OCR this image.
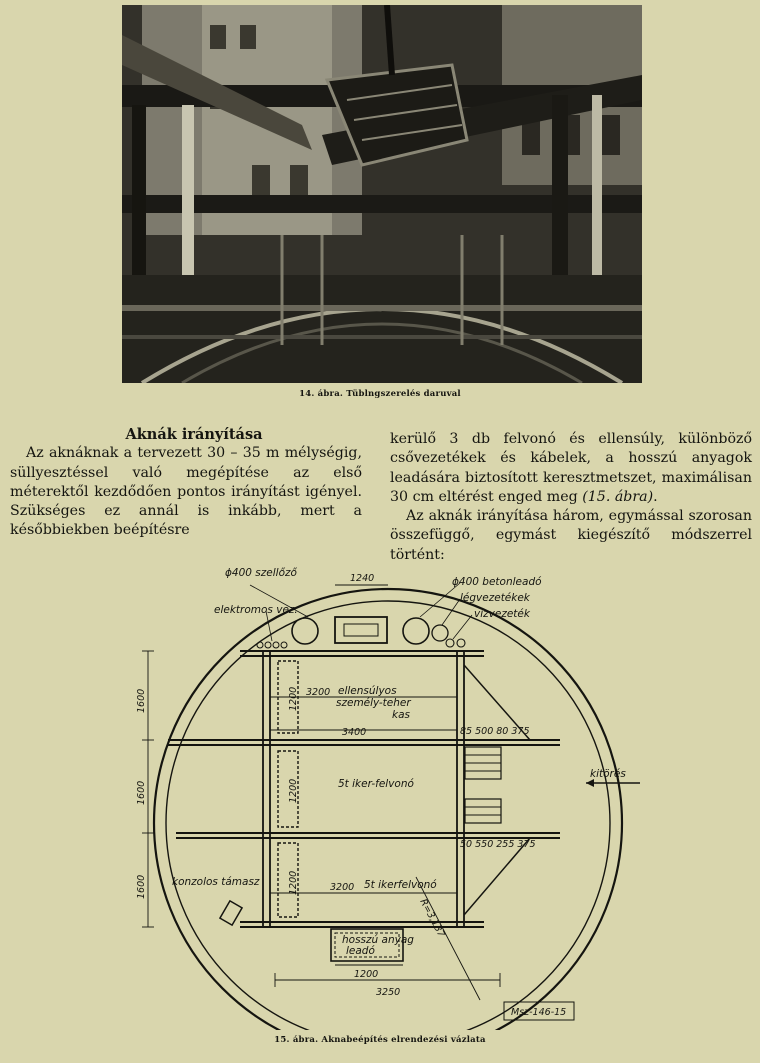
14. ábra. Tüblngszerelés daruval

Aknák irányítása

Az aknáknak a tervezett 30 – 35 m mélységig, süllyesztéssel való megépítése az első méterektől kezdődően pontos irányítást igényel. Szükséges ez annál is inkább, mert a későbbiekben beépítésre

kerülő 3 db felvonó és ellensúly, különböző csővezetékek és kábelek, a hosszú anyagok leadására biztosított keresztmetszet, maximálisan 30 cm eltérést enged meg (15. ábra).

Az aknák irányítása három, egymással szorosan összefüggő, egymást kiegészítő módszerrel történt:

ϕ400 szellőző
ϕ400 betonleadó
elektromos vez.
légvezetékek
vízvezeték
ellensúlyos
személy-teher
kas
5t iker-felvonó
5t ikerfelvonó
kitörés
konzolos támasz
hosszú anyag
leadó
1240
3200
3200
3400
1200
1200
1200
1600
1600
1600
85 500 80 375
50 550 255 375
R=3,137
1200
3250
Msz-146-15
15. ábra. Aknabeépítés elrendezési vázlata
